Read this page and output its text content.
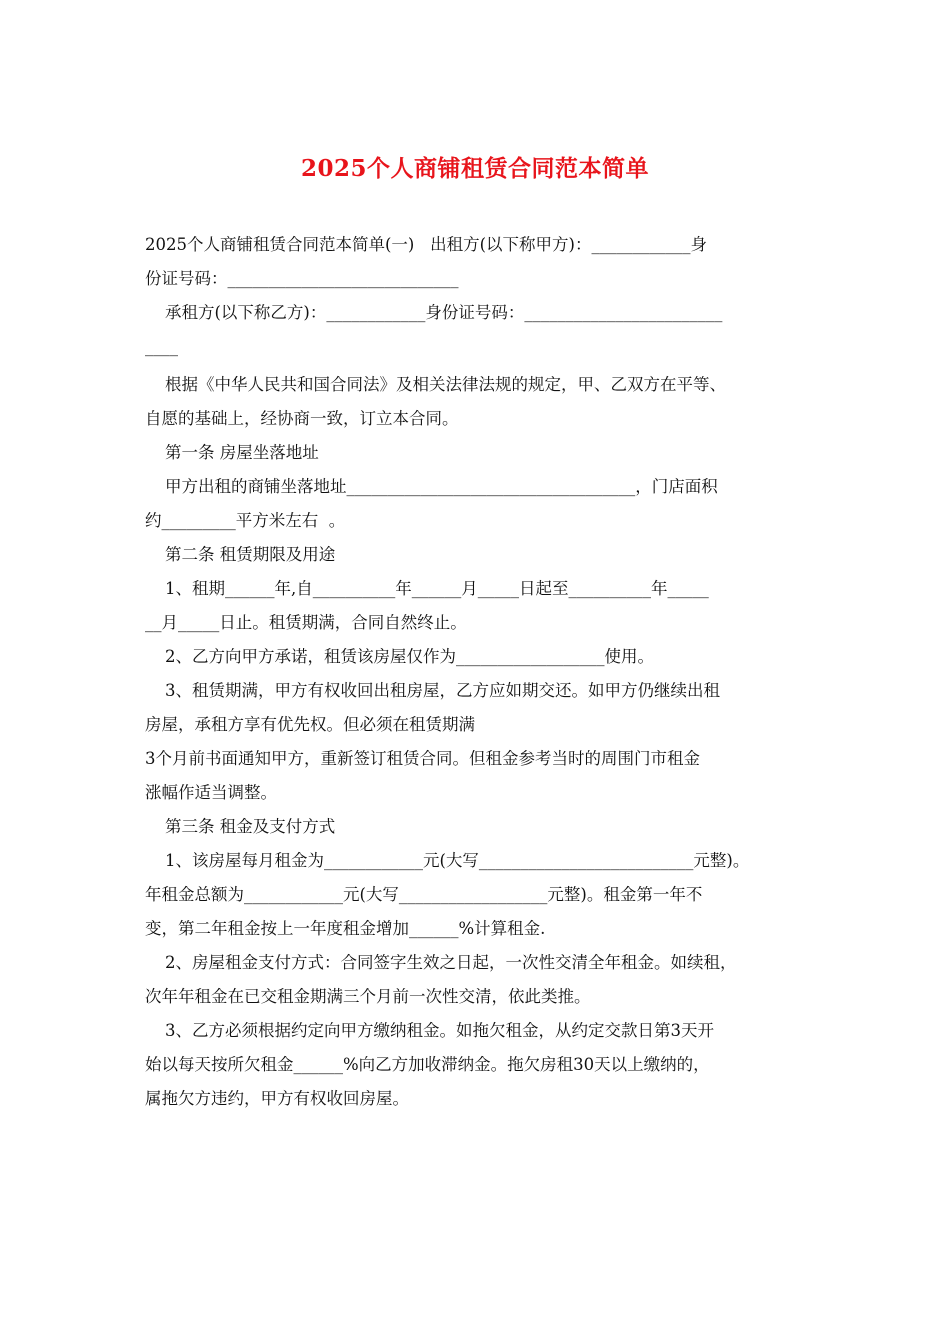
2025个人商铺租赁合同范本简单
2025个人商铺租赁合同范本简单(一)   出租方(以下称甲方)：____________身
份证号码：____________________________
承租方(以下称乙方)：____________身份证号码：________________________
____
根据《中华人民共和国合同法》及相关法律法规的规定，甲、乙双方在平等、
自愿的基础上，经协商一致，订立本合同。
第一条 房屋坐落地址
甲方出租的商铺坐落地址___________________________________，门店面积
约_________平方米左右  。
第二条 租赁期限及用途
1、租期______年,自__________年______月_____日起至__________年_____
__月_____日止。租赁期满，合同自然终止。
2、乙方向甲方承诺，租赁该房屋仅作为__________________使用。
3、租赁期满，甲方有权收回出租房屋，乙方应如期交还。如甲方仍继续出租
房屋，承租方享有优先权。但必须在租赁期满
3个月前书面通知甲方，重新签订租赁合同。但租金参考当时的周围门市租金
涨幅作适当调整。
第三条 租金及支付方式
1、该房屋每月租金为____________元(大写__________________________元整)。
年租金总额为____________元(大写__________________元整)。租金第一年不
变，第二年租金按上一年度租金增加______%计算租金.
2、房屋租金支付方式：合同签字生效之日起，一次性交清全年租金。如续租，
次年年租金在已交租金期满三个月前一次性交清，依此类推。
3、乙方必须根据约定向甲方缴纳租金。如拖欠租金，从约定交款日第3天开
始以每天按所欠租金______%向乙方加收滞纳金。拖欠房租30天以上缴纳的，
属拖欠方违约，甲方有权收回房屋。
